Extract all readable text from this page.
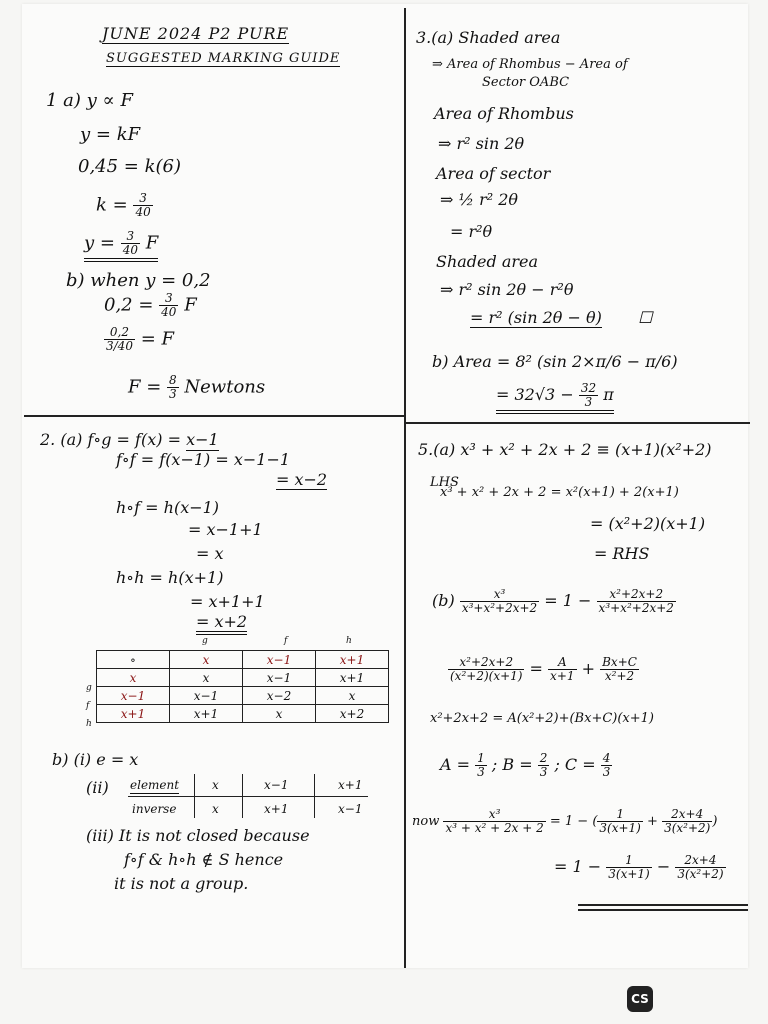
JUNE 2024 P2 PURE
SUGGESTED MARKING GUIDE
1 a) y ∝ F
y = kF
0,45 = k(6)
$k = \frac{3}{40}$
$y = \frac{3}{40}$ F
b) when y = 0,2
$0,2 = \frac{3}{40}$ F
$\frac{0,2}{3/40} = F$
$F = \frac{8}{3}$ Newtons
3.(a) Shaded area
⇒ Area of Rhombus − Area of
Sector OABC
Area of Rhombus
⇒ r² sin 2θ
Area of sector
⇒ ½ r² 2θ
= r²θ
Shaded area
⇒ r² sin 2θ − r²θ
= r² (sin 2θ − θ) ☐
b) Area = 8² (sin 2×π/6 − π/6)
= $32√3 - \frac{32}{3}$ π
2. (a) f∘g = f(x) = x−1
f∘f = f(x−1) = x−1−1
= x−2
h∘f = h(x−1)
= x−1+1
= x
h∘h = h(x+1)
= x+1+1
= x+2
g	f	h
g
f
h
∘	x	x−1	x+1
x	x	x−1	x+1
x−1	x−1	x−2	x
x+1	x+1	x	x+2
b) (i) e = x
(ii) element	x	x−1	x+1
inverse	x	x+1	x−1
(iii) It is not closed because
f∘f & h∘h ∉ S hence
it is not a group.
5.(a) x³ + x² + 2x + 2 ≡ (x+1)(x²+2)
LHS
x³ + x² + 2x + 2 = x²(x+1) + 2(x+1)
= (x²+2)(x+1)
= RHS
$(b) \frac{\text{x³}}{\text{x³+x²+2x+2}} = 1 - \frac{\text{x²+2x+2}}{\text{x³+x²+2x+2}}$
$\frac{\text{x²+2x+2}}{\text{(x²+2)(x+1)}} = \frac{A}{x+1} + \frac{Bx+C}{\text{x²+2}}$
x²+2x+2 = A(x²+2)+(Bx+C)(x+1)
$A = \frac{1}{3}$ ; $B = \frac{2}{3}$ ; $C = \frac{4}{3}$
now $\frac{\text{x³}}{\text{x³ + x² + 2x + 2}} = 1$ − ( $\frac{1}{3(x+1)} + \frac{2x+4}{\text{3(x²+2)}}$ )
= $1 - \frac{1}{3(x+1)} - \frac{2x+4}{\text{3(x²+2)}}$
CS
